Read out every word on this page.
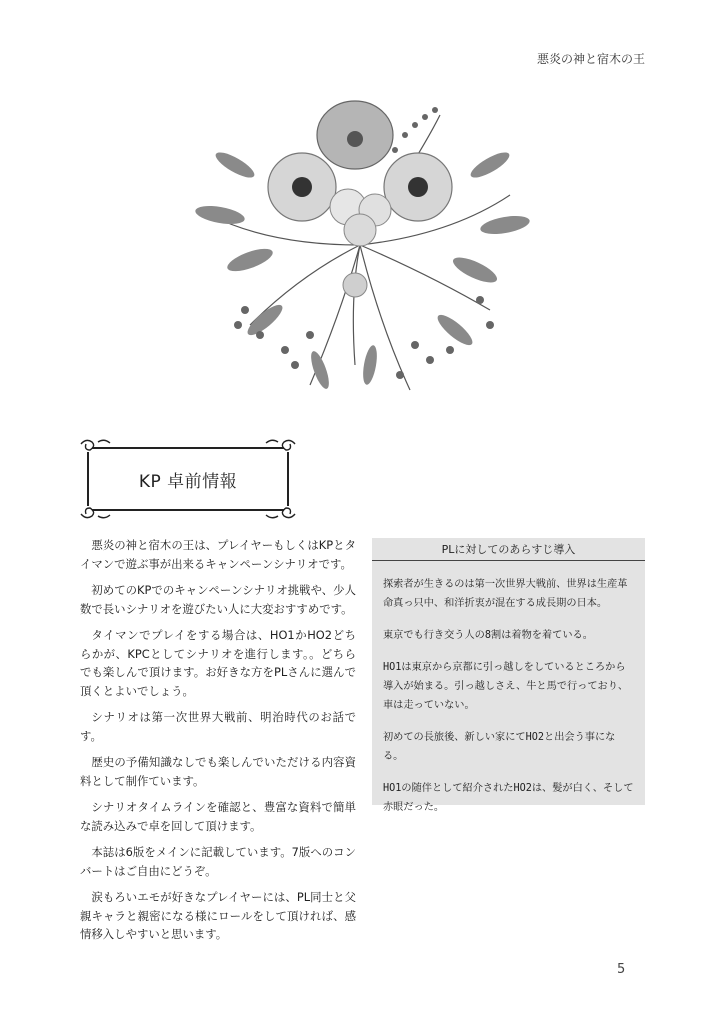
悪炎の神と宿木の王
KP 卓前情報

悪炎の神と宿木の王は、プレイヤーもしくはKPとタイマンで遊ぶ事が出来るキャンペーンシナリオです。

初めてのKPでのキャンペーンシナリオ挑戦や、少人数で長いシナリオを遊びたい人に大変おすすめです。

タイマンでプレイをする場合は、HO1かHO2どちらかが、KPCとしてシナリオを進行します。。どちらでも楽しんで頂けます。お好きな方をPLさんに選んで頂くとよいでしょう。

シナリオは第一次世界大戦前、明治時代のお話です。

歴史の予備知識なしでも楽しんでいただける内容資料として制作ています。

シナリオタイムラインを確認と、豊富な資料で簡単な読み込みで卓を回して頂けます。

本誌は6版をメインに記載しています。7版へのコンバートはご自由にどうぞ。

涙もろいエモが好きなプレイヤーには、PL同士と父親キャラと親密になる様にロールをして頂ければ、感情移入しやすいと思います。

PLに対してのあらすじ導入

探索者が生きるのは第一次世界大戦前、世界は生産革命真っ只中、和洋折衷が混在する成長期の日本。

東京でも行き交う人の8割は着物を着ている。

HO1は東京から京都に引っ越しをしているところから導入が始まる。引っ越しさえ、牛と馬で行っており、車は走っていない。

初めての長旅後、新しい家にてHO2と出会う事になる。

HO1の随伴として紹介されたHO2は、髪が白く、そして赤眼だった。

5
